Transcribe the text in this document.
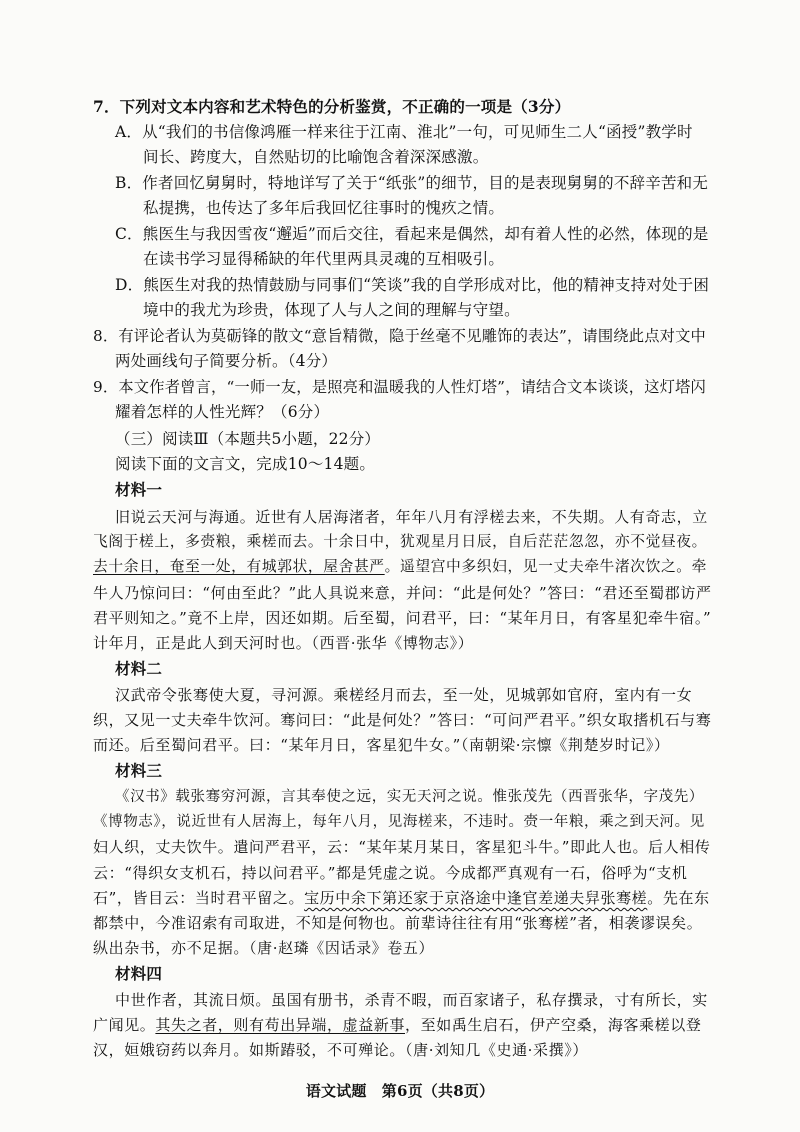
7．下列对文本内容和艺术特色的分析鉴赏，不正确的一项是（3分）
A．从“我们的书信像鸿雁一样来往于江南、淮北”一句，可见师生二人“函授”教学时
间长、跨度大，自然贴切的比喻饱含着深深感激。
B．作者回忆舅舅时，特地详写了关于“纸张”的细节，目的是表现舅舅的不辞辛苦和无
私提携，也传达了多年后我回忆往事时的愧疚之情。
C．熊医生与我因雪夜“邂逅”而后交往，看起来是偶然，却有着人性的必然，体现的是
在读书学习显得稀缺的年代里两具灵魂的互相吸引。
D．熊医生对我的热情鼓励与同事们“笑谈”我的自学形成对比，他的精神支持对处于困
境中的我尤为珍贵，体现了人与人之间的理解与守望。
8．有评论者认为莫砺锋的散文“意旨精微，隐于丝毫不见雕饰的表达”，请围绕此点对文中
两处画线句子简要分析。（4分）
9．本文作者曾言，“一师一友，是照亮和温暖我的人性灯塔”，请结合文本谈谈，这灯塔闪
耀着怎样的人性光辉？（6分）
（三）阅读Ⅲ（本题共5小题，22分）
阅读下面的文言文，完成10～14题。
材料一
旧说云天河与海通。近世有人居海渚者，年年八月有浮槎去来，不失期。人有奇志，立
飞阁于槎上，多赍粮，乘槎而去。十余日中，犹观星月日辰，自后茫茫忽忽，亦不觉昼夜。
去十余日，奄至一处，有城郭状，屋舍甚严。遥望宫中多织妇，见一丈夫牵牛渚次饮之。牵
牛人乃惊问曰：“何由至此？”此人具说来意，并问：“此是何处？”答曰：“君还至蜀郡访严
君平则知之。”竟不上岸，因还如期。后至蜀，问君平，曰：“某年月日，有客星犯牵牛宿。”
计年月，正是此人到天河时也。（西晋·张华《博物志》）
材料二
汉武帝令张骞使大夏，寻河源。乘槎经月而去，至一处，见城郭如官府，室内有一女
织，又见一丈夫牵牛饮河。骞问曰：“此是何处？”答曰：“可问严君平。”织女取搘机石与骞
而还。后至蜀问君平。曰：“某年月日，客星犯牛女。”（南朝梁·宗懔《荆楚岁时记》）
材料三
《汉书》载张骞穷河源，言其奉使之远，实无天河之说。惟张茂先（西晋张华，字茂先）
《博物志》，说近世有人居海上，每年八月，见海槎来，不违时。赍一年粮，乘之到天河。见
妇人织，丈夫饮牛。遣问严君平，云：“某年某月某日，客星犯斗牛。”即此人也。后人相传
云：“得织女支机石，持以问君平。”都是凭虚之说。今成都严真观有一石，俗呼为“支机
石”，皆目云：当时君平留之。宝历中余下第还家于京洛途中逢官差递夫舁张骞槎。先在东
都禁中，今准诏索有司取进，不知是何物也。前辈诗往往有用“张骞槎”者，相袭谬误矣。
纵出杂书，亦不足据。（唐·赵璘《因话录》卷五）
材料四
中世作者，其流日烦。虽国有册书，杀青不暇，而百家诸子，私存撰录，寸有所长，实
广闻见。其失之者，则有苟出异端，虚益新事，至如禹生启石，伊产空桑，海客乘槎以登
汉，姮娥窃药以奔月。如斯踳驳，不可殚论。（唐·刘知几《史通·采撰》）
语文试题　第6页（共8页）
